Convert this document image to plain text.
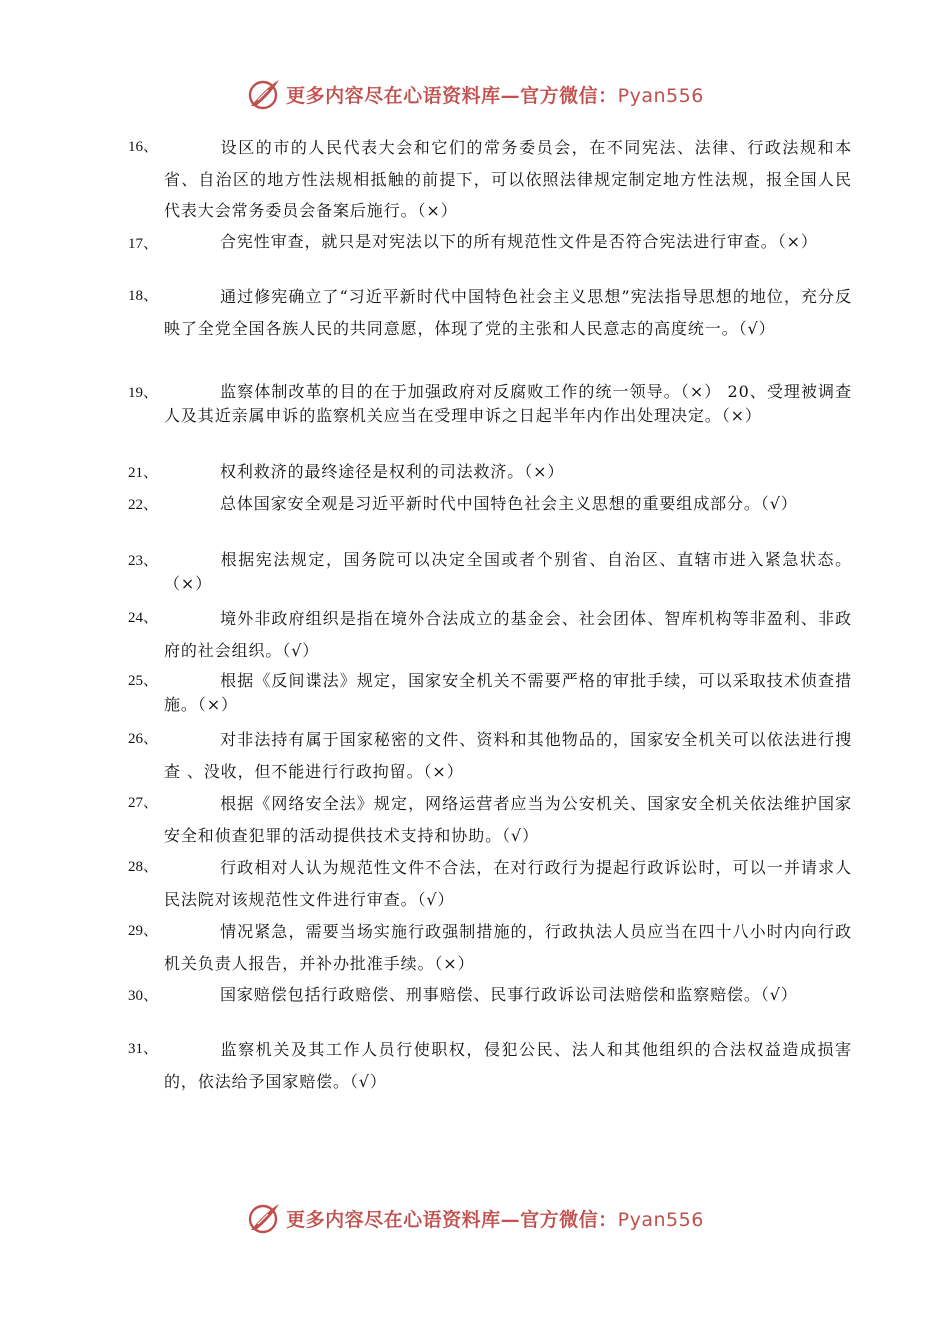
更多内容尽在心语资料库—官方微信：Pyan556
16、	设区的市的人民代表大会和它们的常务委员会，在不同宪法、法律、行政法规和本省、自治区的地方性法规相抵触的前提下，可以依照法律规定制定地方性法规，报全国人民代表大会常务委员会备案后施行。（×）
17、	合宪性审查，就只是对宪法以下的所有规范性文件是否符合宪法进行审查。（×）
18、	通过修宪确立了“习近平新时代中国特色社会主义思想”宪法指导思想的地位，充分反映了全党全国各族人民的共同意愿，体现了党的主张和人民意志的高度统一。（√）
19、	监察体制改革的目的在于加强政府对反腐败工作的统一领导。（×） 20、受理被调查人及其近亲属申诉的监察机关应当在受理申诉之日起半年内作出处理决定。（×）
21、	权利救济的最终途径是权利的司法救济。（×）
22、	总体国家安全观是习近平新时代中国特色社会主义思想的重要组成部分。（√）
23、	根据宪法规定，国务院可以决定全国或者个别省、自治区、直辖市进入紧急状态。（×）
24、	境外非政府组织是指在境外合法成立的基金会、社会团体、智库机构等非盈利、非政府的社会组织。（√）
25、	根据《反间谍法》规定，国家安全机关不需要严格的审批手续，可以采取技术侦查措施。（×）
26、	对非法持有属于国家秘密的文件、资料和其他物品的，国家安全机关可以依法进行搜查 、没收，但不能进行行政拘留。（×）
27、	根据《网络安全法》规定，网络运营者应当为公安机关、国家安全机关依法维护国家安全和侦查犯罪的活动提供技术支持和协助。（√）
28、	行政相对人认为规范性文件不合法，在对行政行为提起行政诉讼时，可以一并请求人民法院对该规范性文件进行审查。（√）
29、	情况紧急，需要当场实施行政强制措施的，行政执法人员应当在四十八小时内向行政机关负责人报告，并补办批准手续。（×）
30、	国家赔偿包括行政赔偿、刑事赔偿、民事行政诉讼司法赔偿和监察赔偿。（√）
31、	监察机关及其工作人员行使职权，侵犯公民、法人和其他组织的合法权益造成损害的，依法给予国家赔偿。（√）
更多内容尽在心语资料库—官方微信：Pyan556
